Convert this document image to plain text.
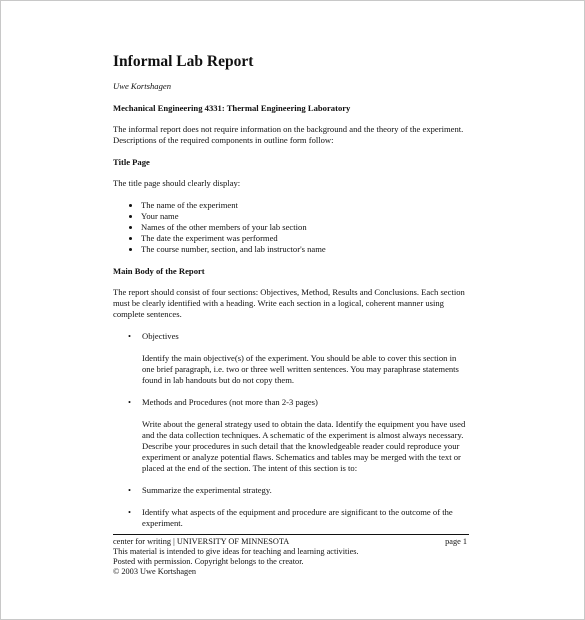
Informal Lab Report
Uwe Kortshagen
Mechanical Engineering 4331: Thermal Engineering Laboratory
The informal report does not require information on the background and the theory of the experiment. Descriptions of the required components in outline form follow:
Title Page
The title page should clearly display:
• The name of the experiment
• Your name
• Names of the other members of your lab section
• The date the experiment was performed
• The course number, section, and lab instructor's name
Main Body of the Report
The report should consist of four sections: Objectives, Method, Results and Conclusions. Each section must be clearly identified with a heading. Write each section in a logical, coherent manner using complete sentences.
• Objectives
Identify the main objective(s) of the experiment. You should be able to cover this section in one brief paragraph, i.e. two or three well written sentences. You may paraphrase statements found in lab handouts but do not copy them.
• Methods and Procedures (not more than 2-3 pages)
Write about the general strategy used to obtain the data. Identify the equipment you have used and the data collection techniques. A schematic of the experiment is almost always necessary. Describe your procedures in such detail that the knowledgeable reader could reproduce your experiment or analyze potential flaws. Schematics and tables may be merged with the text or placed at the end of the section. The intent of this section is to:
• Summarize the experimental strategy.
• Identify what aspects of the equipment and procedure are significant to the outcome of the experiment.
center for writing | UNIVERSITY OF MINNESOTA	page 1
This material is intended to give ideas for teaching and learning activities.
Posted with permission. Copyright belongs to the creator.
© 2003 Uwe Kortshagen
